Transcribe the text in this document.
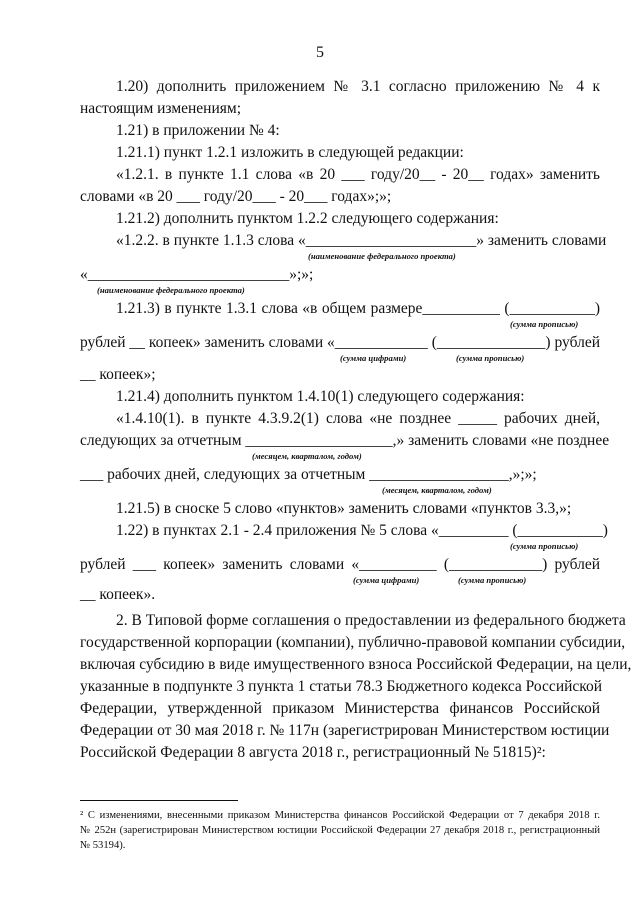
5
1.20) дополнить приложением № 3.1 согласно приложению № 4 к
настоящим изменениям;
1.21) в приложении № 4:
1.21.1) пункт 1.2.1 изложить в следующей редакции:
«1.2.1. в пункте 1.1 слова «в 20 ___ году/20__ - 20__ годах» заменить
словами «в 20 ___ году/20___ - 20___ годах»;»;
1.21.2) дополнить пунктом 1.2.2 следующего содержания:
«1.2.2. в пункте 1.1.3 слова «______________________» заменить словами
(наименование федерального проекта)
«__________________________»;»;
(наименование федерального проекта)
1.21.3) в пункте 1.3.1 слова «в общем размере__________ (___________)
(сумма прописью)
рублей __ копеек» заменить словами «____________ (______________) рублей
(сумма цифрами)	(сумма прописью)
__ копеек»;
1.21.4) дополнить пунктом 1.4.10(1) следующего содержания:
«1.4.10(1). в пункте 4.3.9.2(1) слова «не позднее _____ рабочих дней,
следующих за отчетным ___________________,» заменить словами «не позднее
(месяцем, кварталом, годом)
___ рабочих дней, следующих за отчетным __________________,»;»;
(месяцем, кварталом, годом)
1.21.5) в сноске 5 слово «пунктов» заменить словами «пунктов 3.3,»;
1.22) в пунктах 2.1 - 2.4 приложения № 5 слова «_________ (___________)
(сумма прописью)
рублей ___ копеек» заменить словами «__________ (____________) рублей
(сумма цифрами)	(сумма прописью)
__ копеек».
2. В Типовой форме соглашения о предоставлении из федерального бюджета
государственной корпорации (компании), публично-правовой компании субсидии,
включая субсидию в виде имущественного взноса Российской Федерации, на цели,
указанные в подпункте 3 пункта 1 статьи 78.3 Бюджетного кодекса Российской
Федерации, утвержденной приказом Министерства финансов Российской
Федерации от 30 мая 2018 г. № 117н (зарегистрирован Министерством юстиции
Российской Федерации 8 августа 2018 г., регистрационный № 51815)²:
² С изменениями, внесенными приказом Министерства финансов Российской Федерации от 7 декабря 2018 г.
№ 252н (зарегистрирован Министерством юстиции Российской Федерации 27 декабря 2018 г., регистрационный
№ 53194).
